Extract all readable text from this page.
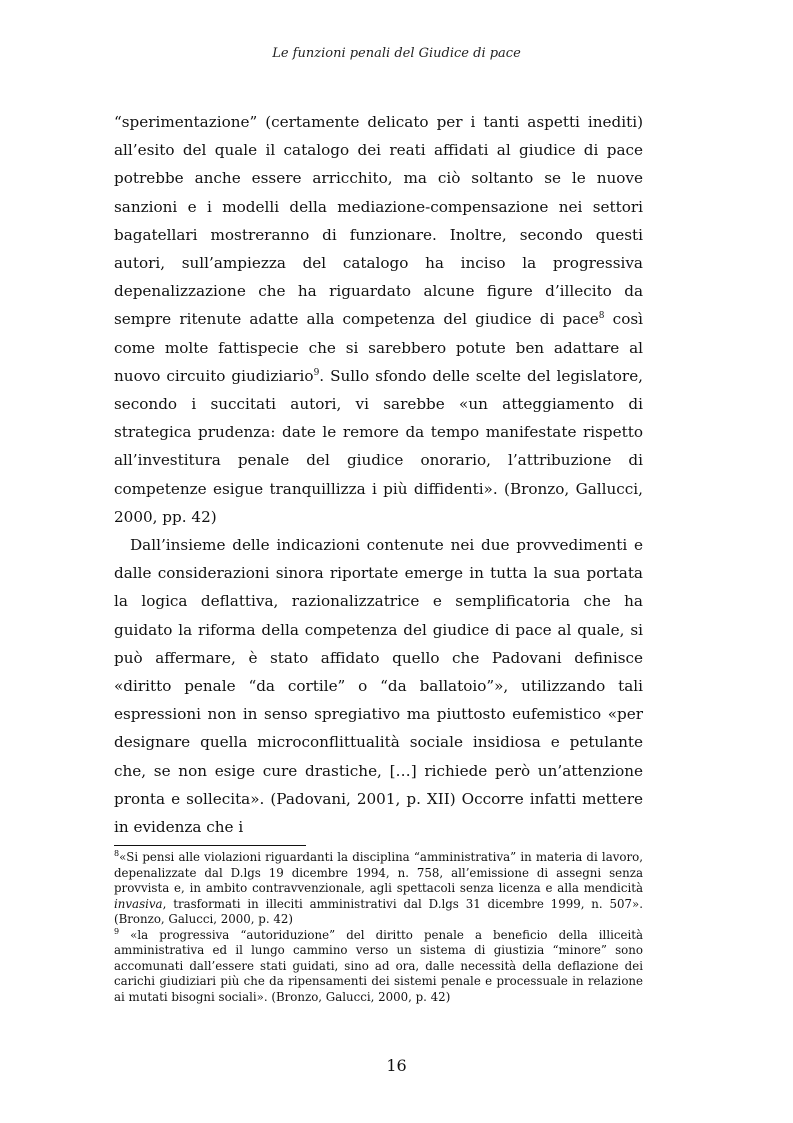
Le funzioni penali del Giudice di pace

“sperimentazione” (certamente delicato per i tanti aspetti inediti) all’esito del quale il catalogo dei reati affidati al giudice di pace potrebbe anche essere arricchito, ma ciò soltanto se le nuove sanzioni e i modelli della mediazione-compensazione nei settori bagatellari mostreranno di funzionare. Inoltre, secondo questi autori, sull’ampiezza del catalogo ha inciso la progressiva depenalizzazione che ha riguardato alcune figure d’illecito da sempre ritenute adatte alla competenza del giudice di pace$^8$ così come molte fattispecie che si sarebbero potute ben adattare al nuovo circuito giudiziario$^9$. Sullo sfondo delle scelte del legislatore, secondo i succitati autori, vi sarebbe «un atteggiamento di strategica prudenza: date le remore da tempo manifestate rispetto all’investitura penale del giudice onorario, l’attribuzione di competenze esigue tranquillizza i più diffidenti». (Bronzo, Gallucci, 2000, pp. 42)

Dall’insieme delle indicazioni contenute nei due provvedimenti e dalle considerazioni sinora riportate emerge in tutta la sua portata la logica deflattiva, razionalizzatrice e semplificatoria che ha guidato la riforma della competenza del giudice di pace al quale, si può affermare, è stato affidato quello che Padovani definisce «diritto penale “da cortile” o “da ballatoio”», utilizzando tali espressioni non in senso spregiativo ma piuttosto eufemistico «per designare quella microconflittualità sociale insidiosa e petulante che, se non esige cure drastiche, […] richiede però un’attenzione pronta e sollecita». (Padovani, 2001, p. XII) Occorre infatti mettere in evidenza che i

$^8$«Si pensi alle violazioni riguardanti la disciplina “amministrativa” in materia di lavoro, depenalizzate dal D.lgs 19 dicembre 1994, n. 758, all’emissione di assegni senza provvista e, in ambito contravvenzionale, agli spettacoli senza licenza e alla mendicità invasiva, trasformati in illeciti amministrativi dal D.lgs 31 dicembre 1999, n. 507». (Bronzo, Galucci, 2000, p. 42)

$^9$ «la progressiva “autoriduzione” del diritto penale a beneficio della illiceità amministrativa ed il lungo cammino verso un sistema di giustizia “minore” sono accomunati dall’essere stati guidati, sino ad ora, dalle necessità della deflazione dei carichi giudiziari più che da ripensamenti dei sistemi penale e processuale in relazione ai mutati bisogni sociali». (Bronzo, Galucci, 2000, p. 42)

16
